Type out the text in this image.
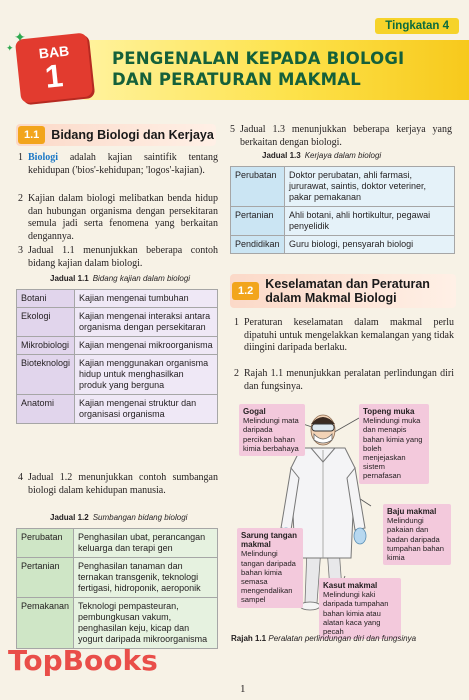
Tingkatan 4
BAB
1
✦
✦	PENGENALAN KEPADA BIOLOGI
DAN PERATURAN MAKMAL
1.1 Bidang Biologi dan Kerjaya
1 Biologi adalah kajian saintifik tentang kehidupan ('bios'-kehidupan; 'logos'-kajian).
2 Kajian dalam biologi melibatkan benda hidup dan hubungan organisma dengan persekitaran semula jadi serta fenomena yang berkaitan dengannya.
3 Jadual 1.1 menunjukkan beberapa contoh bidang kajian dalam biologi.
Jadual 1.1 Bidang kajian dalam biologi
Botani	Kajian mengenai tumbuhan
Ekologi	Kajian mengenai interaksi antara organisma dengan persekitaran
Mikrobiologi	Kajian mengenai mikroorganisma
Bioteknologi	Kajian menggunakan organisma hidup untuk menghasilkan produk yang berguna
Anatomi	Kajian mengenai struktur dan organisasi organisma
4 Jadual 1.2 menunjukkan contoh sumbangan biologi dalam kehidupan manusia.
Jadual 1.2 Sumbangan bidang biologi
Perubatan	Penghasilan ubat, perancangan keluarga dan terapi gen
Pertanian	Penghasilan tanaman dan ternakan transgenik, teknologi fertigasi, hidroponik, aeroponik
Pemakanan	Teknologi pempasteuran, pembungkusan vakum, penghasilan keju, kicap dan yogurt daripada mikroorganisma
5 Jadual 1.3 menunjukkan beberapa kerjaya yang berkaitan dengan biologi.
Jadual 1.3 Kerjaya dalam biologi
Perubatan	Doktor perubatan, ahli farmasi, jururawat, saintis, doktor veteriner, pakar pemakanan
Pertanian	Ahli botani, ahli hortikultur, pegawai penyelidik
Pendidikan	Guru biologi, pensyarah biologi
1.2 Keselamatan dan Peraturan
dalam Makmal Biologi
1 Peraturan keselamatan dalam makmal perlu dipatuhi untuk mengelakkan kemalangan yang tidak diingini daripada berlaku.
2 Rajah 1.1 menunjukkan peralatan perlindungan diri dan fungsinya.
Gogal
Melindungi mata daripada percikan bahan kimia berbahaya
Topeng muka
Melindungi muka dan menapis bahan kimia yang boleh menjejaskan sistem pernafasan
Baju makmal
Melindungi pakaian dan badan daripada tumpahan bahan kimia
Sarung tangan makmal
Melindungi tangan daripada bahan kimia semasa mengendalikan sampel
Kasut makmal
Melindungi kaki daripada tumpahan bahan kimia atau alatan kaca yang pecah
Rajah 1.1 Peralatan perlindungan diri dan fungsinya
TopBooks
1
